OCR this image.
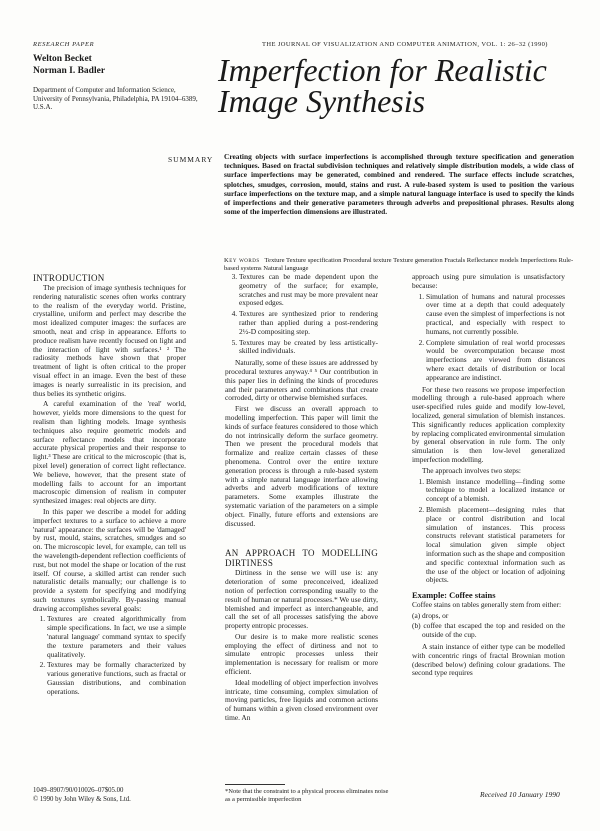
RESEARCH PAPER	THE JOURNAL OF VISUALIZATION AND COMPUTER ANIMATION, VOL. 1: 26–32 (1990)
Welton Becket
Norman I. Badler
Department of Computer and Information Science, University of Pennsylvania, Philadelphia, PA 19104–6389, U.S.A.
Imperfection for Realistic
Image Synthesis
SUMMARY Creating objects with surface imperfections is accomplished through texture specification and generation techniques. Based on fractal subdivision techniques and relatively simple distribution models, a wide class of surface imperfections may be generated, combined and rendered. The surface effects include scratches, splotches, smudges, corrosion, mould, stains and rust. A rule-based system is used to position the various surface imperfections on the texture map, and a simple natural language interface is used to specify the kinds of imperfections and their generative parameters through adverbs and prepositional phrases. Results along some of the imperfection dimensions are illustrated.
Key words Texture Texture specification Procedural texture Texture generation Fractals Reflectance models Imperfections Rule-based systems Natural language
INTRODUCTION

The precision of image synthesis techniques for rendering naturalistic scenes often works contrary to the realism of the everyday world. Pristine, crystalline, uniform and perfect may describe the most idealized computer images: the surfaces are smooth, neat and crisp in appearance. Efforts to produce realism have recently focused on light and the interaction of light with surfaces.¹ ² The radiosity methods have shown that proper treatment of light is often critical to the proper visual effect in an image. Even the best of these images is nearly surrealistic in its precision, and thus belies its synthetic origins.

A careful examination of the 'real' world, however, yields more dimensions to the quest for realism than lighting models. Image synthesis techniques also require geometric models and surface reflectance models that incorporate accurate physical properties and their response to light.³ These are critical to the microscopic (that is, pixel level) generation of correct light reflectance. We believe, however, that the present state of modelling fails to account for an important macroscopic dimension of realism in computer synthesized images: real objects are dirty.

In this paper we describe a model for adding imperfect textures to a surface to achieve a more 'natural' appearance: the surfaces will be 'damaged' by rust, mould, stains, scratches, smudges and so on. The microscopic level, for example, can tell us the wavelength-dependent reflection coefficients of rust, but not model the shape or location of the rust itself. Of course, a skilled artist can render such naturalistic details manually; our challenge is to provide a system for specifying and modifying such textures symbolically. By-passing manual drawing accomplishes several goals:

1. Textures are created algorithmically from simple specifications. In fact, we use a simple 'natural language' command syntax to specify the texture parameters and their values qualitatively.
2. Textures may be formally characterized by various generative functions, such as fractal or Gaussian distributions, and combination operations.
3. Textures can be made dependent upon the geometry of the surface; for example, scratches and rust may be more prevalent near exposed edges.
4. Textures are synthesized prior to rendering rather than applied during a post-rendering 2½-D compositing step.
5. Textures may be created by less artistically-skilled individuals.

Naturally, some of these issues are addressed by procedural textures anyway.⁴ ⁵ Our contribution in this paper lies in defining the kinds of procedures and their parameters and combinations that create corroded, dirty or otherwise blemished surfaces.

First we discuss an overall approach to modelling imperfection. This paper will limit the kinds of surface features considered to those which do not intrinsically deform the surface geometry. Then we present the procedural models that formalize and realize certain classes of these phenomena. Control over the entire texture generation process is through a rule-based system with a simple natural language interface allowing adverbs and adverb modifications of texture parameters. Some examples illustrate the systematic variation of the parameters on a simple object. Finally, future efforts and extensions are discussed.

AN APPROACH TO MODELLING DIRTINESS

Dirtiness in the sense we will use is: any deterioration of some preconceived, idealized notion of perfection corresponding usually to the result of human or natural processes.* We use dirty, blemished and imperfect as interchangeable, and call the set of all processes satisfying the above property entropic processes.

Our desire is to make more realistic scenes employing the effect of dirtiness and not to simulate entropic processes unless their implementation is necessary for realism or more efficient.

Ideal modelling of object imperfection involves intricate, time consuming, complex simulation of moving particles, free liquids and common actions of humans within a given closed environment over time. An

approach using pure simulation is unsatisfactory because:

1. Simulation of humans and natural processes over time at a depth that could adequately cause even the simplest of imperfections is not practical, and especially with respect to humans, not currently possible.
2. Complete simulation of real world processes would be overcomputation because most imperfections are viewed from distances where exact details of distribution or local appearance are indistinct.

For these two reasons we propose imperfection modelling through a rule-based approach where user-specified rules guide and modify low-level, localized, general simulation of blemish instances. This significantly reduces application complexity by replacing complicated environmental simulation by general observation in rule form. The only simulation is then low-level generalized imperfection modelling.

The approach involves two steps:

1. Blemish instance modelling—finding some technique to model a localized instance or concept of a blemish.
2. Blemish placement—designing rules that place or control distribution and local simulation of instances. This process constructs relevant statistical parameters for local simulation given simple object information such as the shape and composition and specific contextual information such as the use of the object or location of adjoining objects.
Example: Coffee stains

Coffee stains on tables generally stem from either:

(a) drops, or
(b) coffee that escaped the top and resided on the outside of the cup.

A stain instance of either type can be modelled with concentric rings of fractal Brownian motion (described below) defining colour gradations. The second type requires

1049–8907/90/010026–07$05.00
© 1990 by John Wiley & Sons, Ltd.
*Note that the constraint to a physical process eliminates noise as a permissible imperfection
Received 10 January 1990
